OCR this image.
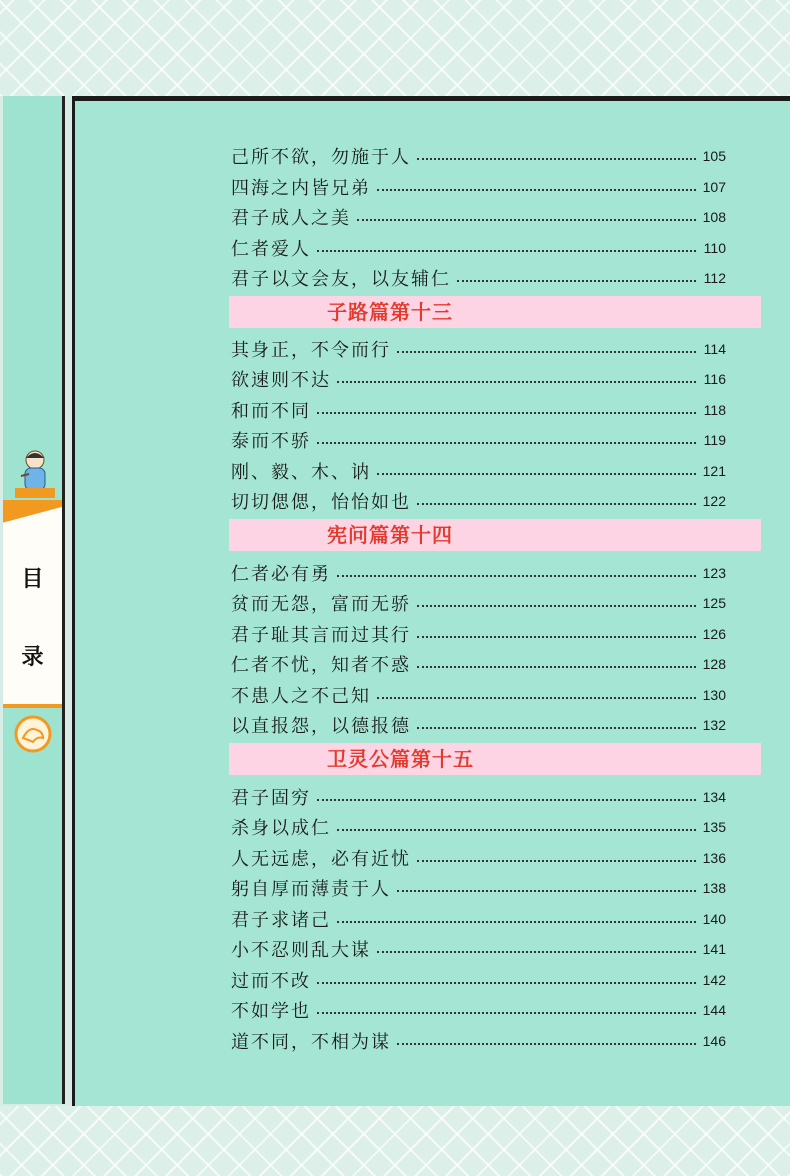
目
录
己所不欲，勿施于人	105
四海之内皆兄弟	107
君子成人之美	108
仁者爱人	110
君子以文会友，以友辅仁	112
子路篇第十三
其身正，不令而行	114
欲速则不达	116
和而不同	118
泰而不骄	119
刚、毅、木、讷	121
切切偲偲，怡怡如也	122
宪问篇第十四
仁者必有勇	123
贫而无怨，富而无骄	125
君子耻其言而过其行	126
仁者不忧，知者不惑	128
不患人之不己知	130
以直报怨，以德报德	132
卫灵公篇第十五
君子固穷	134
杀身以成仁	135
人无远虑，必有近忧	136
躬自厚而薄责于人	138
君子求诸己	140
小不忍则乱大谋	141
过而不改	142
不如学也	144
道不同，不相为谋	146
